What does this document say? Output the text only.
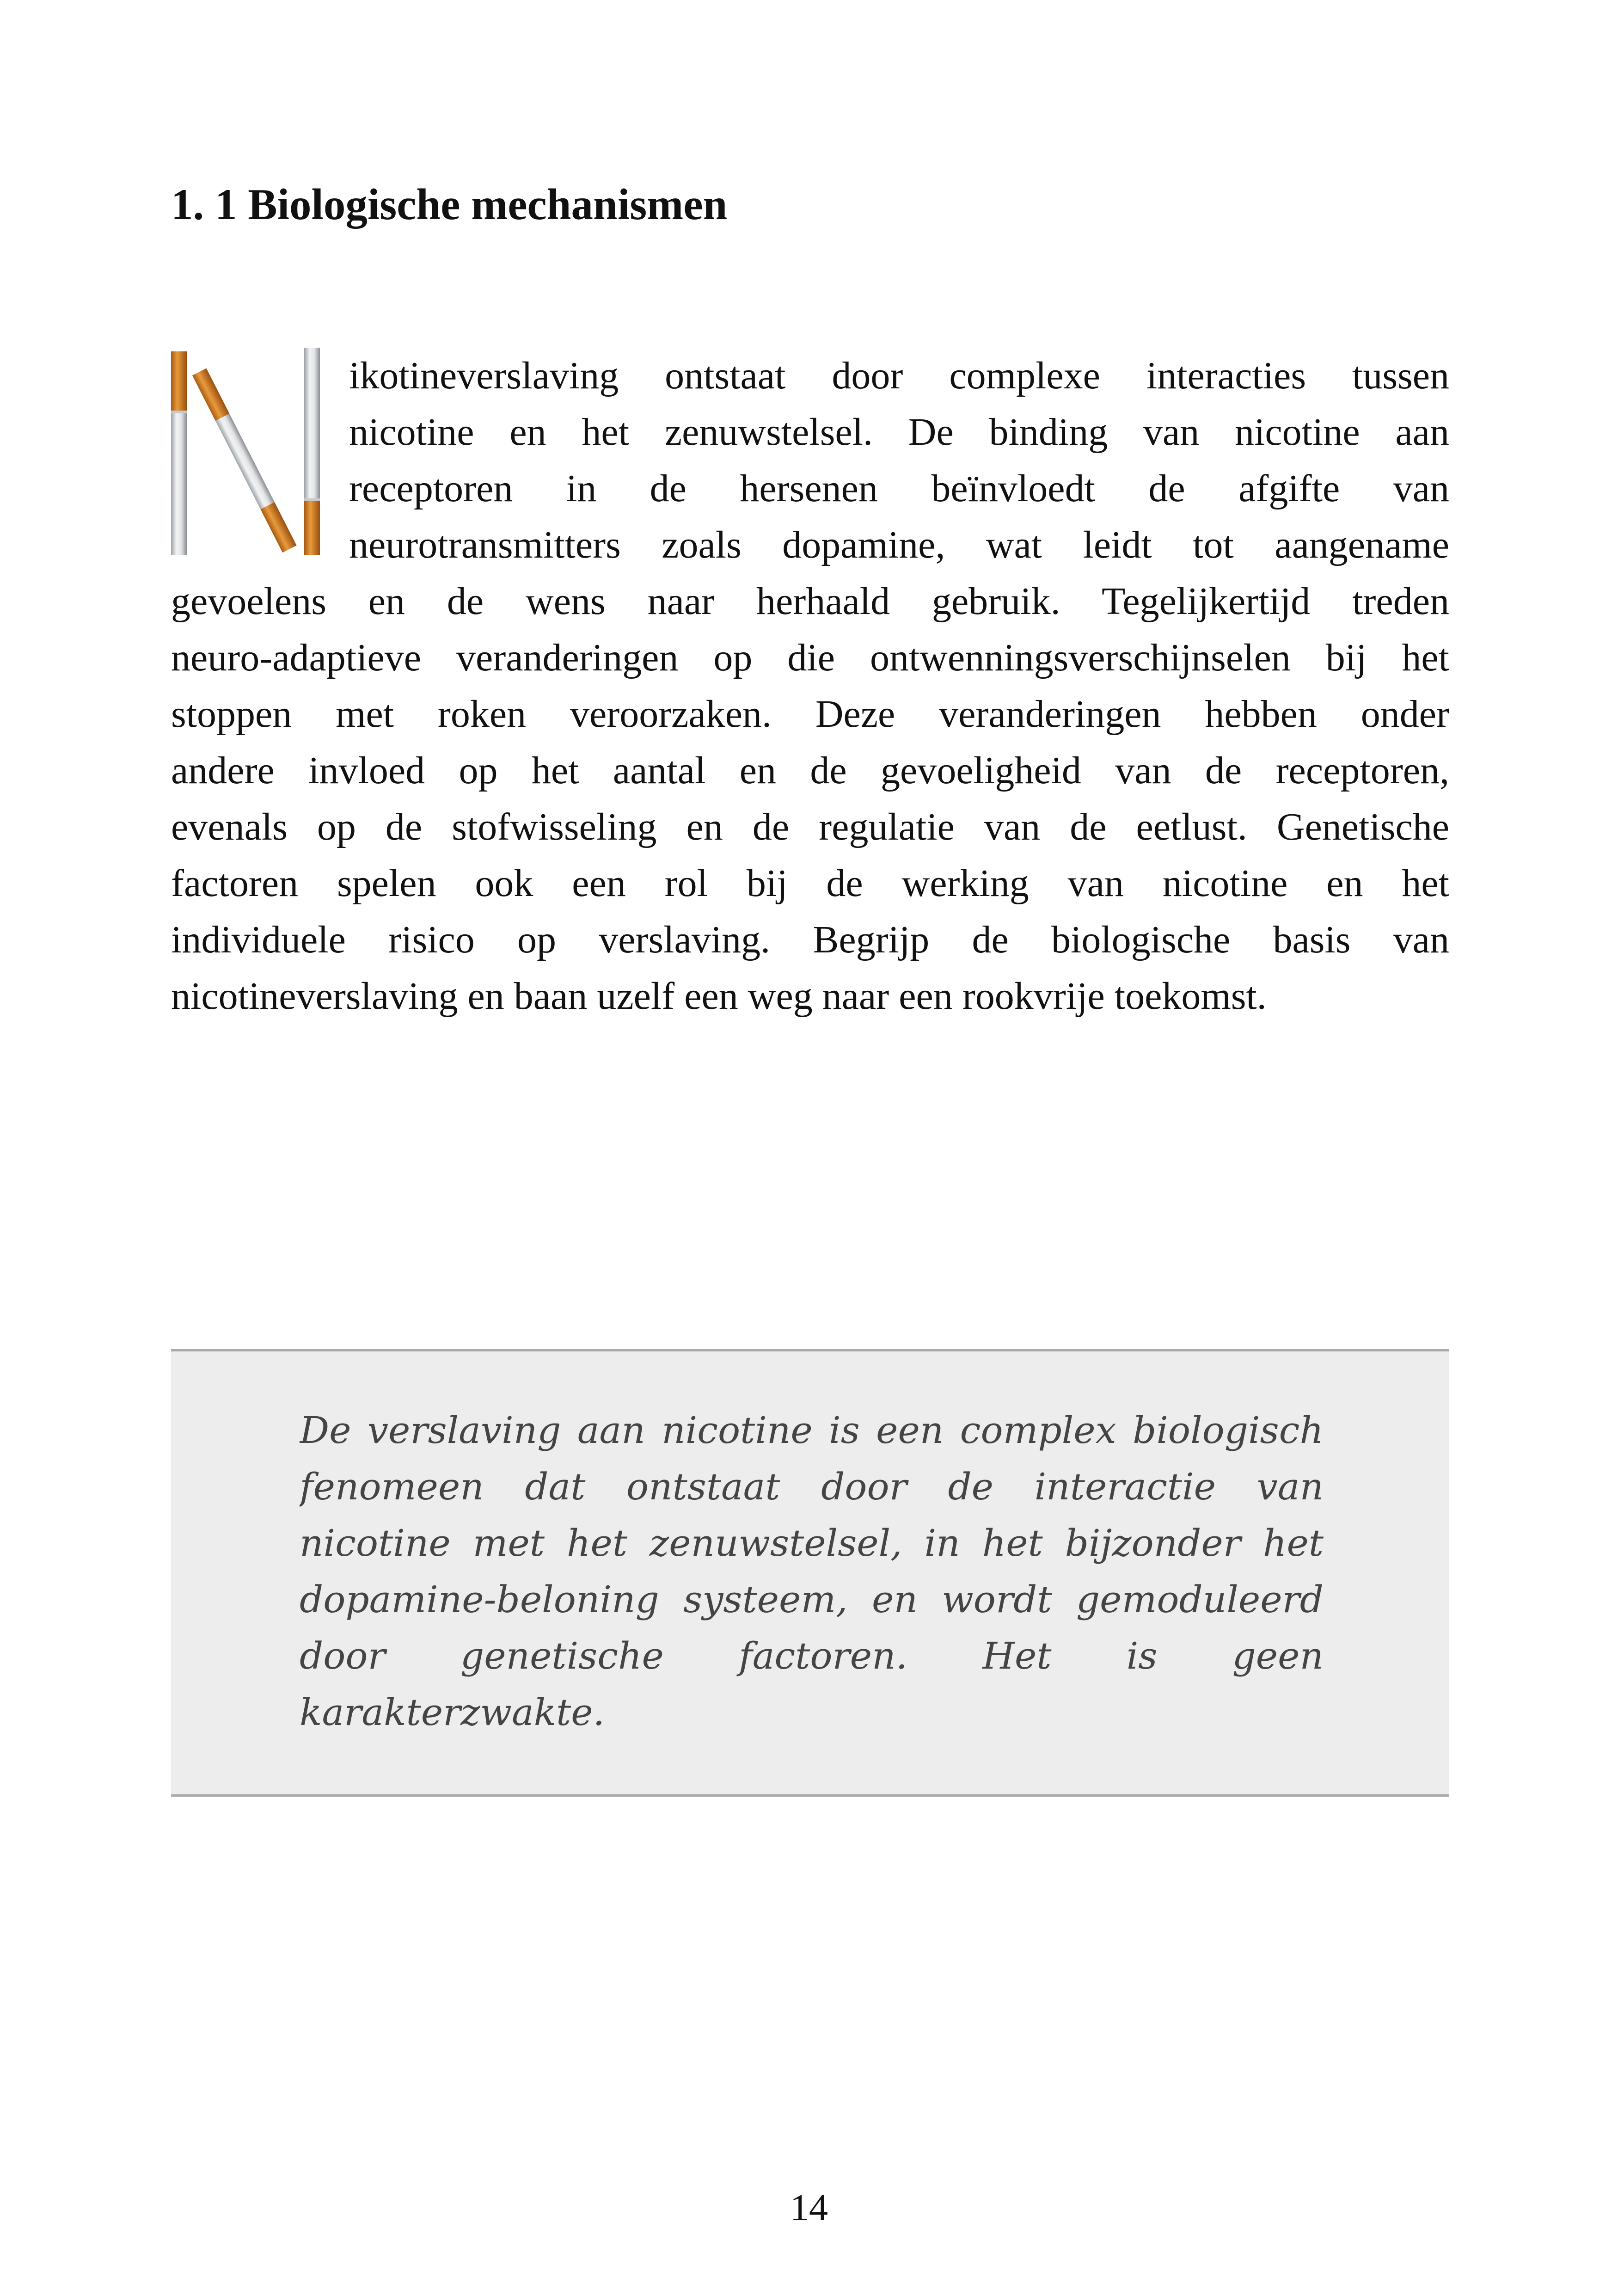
1. 1 Biologische mechanismen
ikotineverslaving ontstaat door complexe interacties tussen
nicotine en het zenuwstelsel. De binding van nicotine aan
receptoren in de hersenen beïnvloedt de afgifte van
neurotransmitters zoals dopamine, wat leidt tot aangename
gevoelens en de wens naar herhaald gebruik. Tegelijkertijd treden
neuro-adaptieve veranderingen op die ontwenningsverschijnselen bij het
stoppen met roken veroorzaken. Deze veranderingen hebben onder
andere invloed op het aantal en de gevoeligheid van de receptoren,
evenals op de stofwisseling en de regulatie van de eetlust. Genetische
factoren spelen ook een rol bij de werking van nicotine en het
individuele risico op verslaving. Begrijp de biologische basis van
nicotineverslaving en baan uzelf een weg naar een rookvrije toekomst.
De verslaving aan nicotine is een complex biologisch
fenomeen dat ontstaat door de interactie van
nicotine met het zenuwstelsel, in het bijzonder het
dopamine-beloning systeem, en wordt gemoduleerd
door genetische factoren. Het is geen
karakterzwakte.
14
